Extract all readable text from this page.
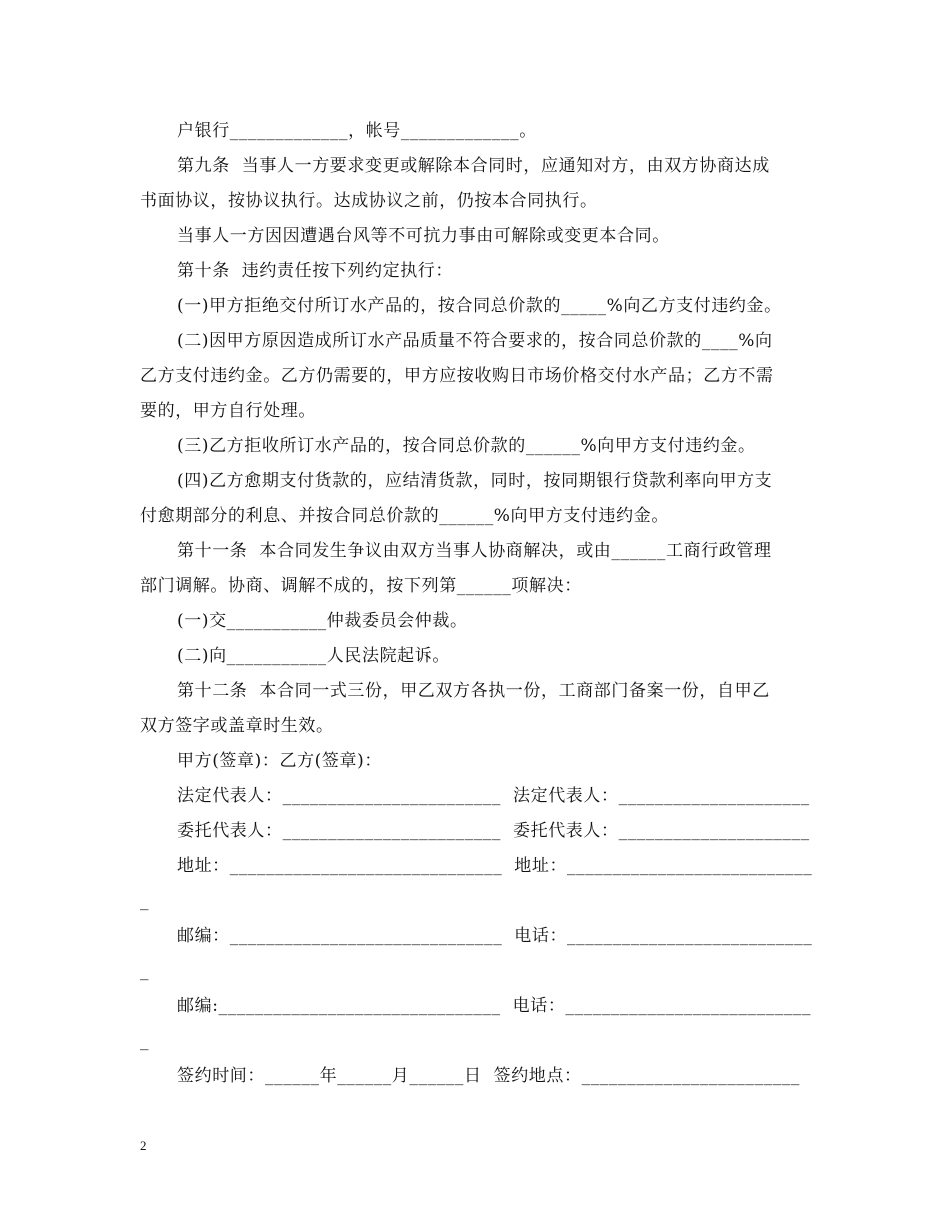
户银行_____________，帐号_____________。
第九条  当事人一方要求变更或解除本合同时，应通知对方，由双方协商达成
书面协议，按协议执行。达成协议之前，仍按本合同执行。
当事人一方因因遭遇台风等不可抗力事由可解除或变更本合同。
第十条  违约责任按下列约定执行：
(一)甲方拒绝交付所订水产品的，按合同总价款的_____%向乙方支付违约金。
(二)因甲方原因造成所订水产品质量不符合要求的，按合同总价款的____%向
乙方支付违约金。乙方仍需要的，甲方应按收购日市场价格交付水产品；乙方不需
要的，甲方自行处理。
(三)乙方拒收所订水产品的，按合同总价款的______%向甲方支付违约金。
(四)乙方愈期支付货款的，应结清货款，同时，按同期银行贷款利率向甲方支
付愈期部分的利息、并按合同总价款的______%向甲方支付违约金。
第十一条  本合同发生争议由双方当事人协商解决，或由______工商行政管理
部门调解。协商、调解不成的，按下列第______项解决：
(一)交___________仲裁委员会仲裁。
(二)向___________人民法院起诉。
第十二条  本合同一式三份，甲乙双方各执一份，工商部门备案一份，自甲乙
双方签字或盖章时生效。
甲方(签章)：乙方(签章)：
法定代表人：________________________  法定代表人：_____________________
委托代表人：________________________  委托代表人：_____________________
地址：______________________________  地址：___________________________
_
邮编：______________________________  电话：___________________________
_
邮编:_______________________________  电话：___________________________
_
签约时间：______年______月______日  签约地点：________________________
2
